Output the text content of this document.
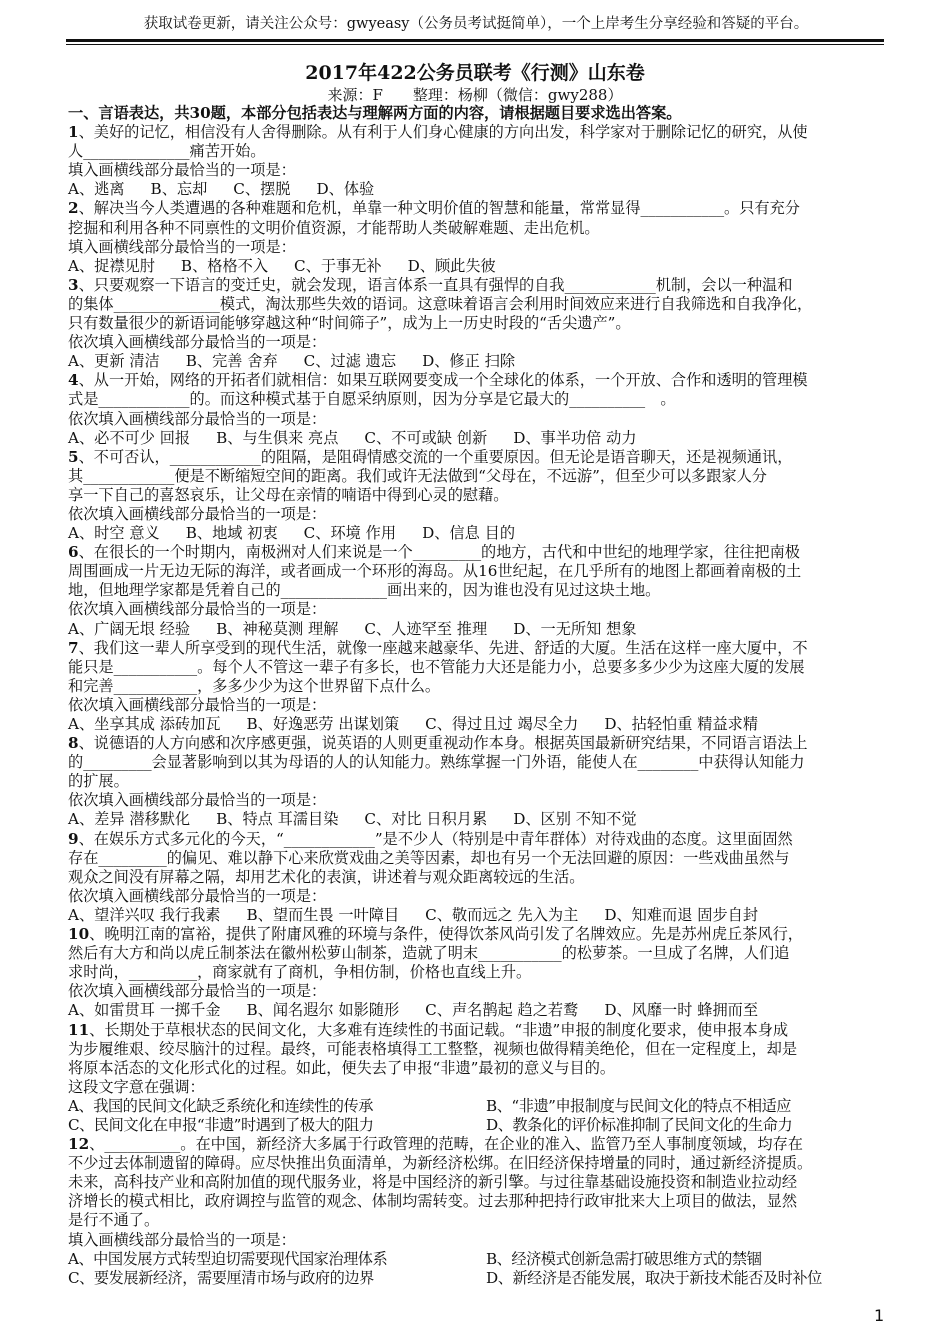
获取试卷更新，请关注公众号：gwyeasy（公务员考试挺简单），一个上岸考生分享经验和答疑的平台。
2017年422公务员联考《行测》山东卷
来源：F　　整理：杨柳（微信：gwy288）

一、言语表达，共30题，本部分包括表达与理解两方面的内容，请根据题目要求选出答案。

1、美好的记忆，相信没有人舍得删除。从有利于人们身心健康的方向出发，科学家对于删除记忆的研究，从使

人______________痛苦开始。

填入画横线部分最恰当的一项是：

A、逃离 B、忘却 C、摆脱 D、体验

2、解决当今人类遭遇的各种难题和危机，单靠一种文明价值的智慧和能量，常常显得___________。只有充分

挖掘和利用各种不同禀性的文明价值资源，才能帮助人类破解难题、走出危机。

填入画横线部分最恰当的一项是：

A、捉襟见肘 B、格格不入 C、于事无补 D、顾此失彼

3、只要观察一下语言的变迁史，就会发现，语言体系一直具有强悍的自我____________机制，会以一种温和

的集体______________模式，淘汰那些失效的语词。这意味着语言会利用时间效应来进行自我筛选和自我净化，

只有数量很少的新语词能够穿越这种“时间筛子”，成为上一历史时段的“舌尖遗产”。

依次填入画横线部分最恰当的一项是：

A、更新 清洁 B、完善 舍弃 C、过滤 遗忘 D、修正 扫除

4、从一开始，网络的开拓者们就相信：如果互联网要变成一个全球化的体系，一个开放、合作和透明的管理模

式是____________的。而这种模式基于自愿采纳原则，因为分享是它最大的__________　。

依次填入画横线部分最恰当的一项是：

A、必不可少 回报 B、与生俱来 亮点 C、不可或缺 创新 D、事半功倍 动力

5、不可否认，____________的阻隔，是阻碍情感交流的一个重要原因。但无论是语音聊天，还是视频通讯，

其____________便是不断缩短空间的距离。我们或许无法做到“父母在，不远游”，但至少可以多跟家人分

享一下自己的喜怒哀乐，让父母在亲情的喃语中得到心灵的慰藉。

依次填入画横线部分最恰当的一项是：

A、时空 意义 B、地域 初衷 C、环境 作用 D、信息 目的

6、在很长的一个时期内，南极洲对人们来说是一个_________的地方，古代和中世纪的地理学家，往往把南极

周围画成一片无边无际的海洋，或者画成一个环形的海岛。从16世纪起，在几乎所有的地图上都画着南极的土

地，但地理学家都是凭着自己的______________画出来的，因为谁也没有见过这块土地。

依次填入画横线部分最恰当的一项是：

A、广阔无垠 经验 B、神秘莫测 理解 C、人迹罕至 推理 D、一无所知 想象

7、我们这一辈人所享受到的现代生活，就像一座越来越豪华、先进、舒适的大厦。生活在这样一座大厦中，不

能只是___________。每个人不管这一辈子有多长，也不管能力大还是能力小，总要多多少少为这座大厦的发展

和完善___________，多多少少为这个世界留下点什么。

依次填入画横线部分最恰当的一项是：

A、坐享其成 添砖加瓦 B、好逸恶劳 出谋划策 C、得过且过 竭尽全力 D、拈轻怕重 精益求精

8、说德语的人方向感和次序感更强，说英语的人则更重视动作本身。根据英国最新研究结果，不同语言语法上

的_________会显著影响到以其为母语的人的认知能力。熟练掌握一门外语，能使人在________中获得认知能力

的扩展。

依次填入画横线部分最恰当的一项是：

A、差异 潜移默化 B、特点 耳濡目染 C、对比 日积月累 D、区别 不知不觉

9、在娱乐方式多元化的今天，“____________”是不少人（特别是中青年群体）对待戏曲的态度。这里面固然

存在_________的偏见、难以静下心来欣赏戏曲之美等因素，却也有另一个无法回避的原因：一些戏曲虽然与

观众之间没有屏幕之隔，却用艺术化的表演，讲述着与观众距离较远的生活。

依次填入画横线部分最恰当的一项是：

A、望洋兴叹 我行我素 B、望而生畏 一叶障目 C、敬而远之 先入为主 D、知难而退 固步自封

10、晚明江南的富裕，提供了附庸风雅的环境与条件，使得饮茶风尚引发了名牌效应。先是苏州虎丘茶风行，

然后有大方和尚以虎丘制茶法在徽州松萝山制茶，造就了明末___________的松萝茶。一旦成了名牌，人们追

求时尚，_________，商家就有了商机，争相仿制，价格也直线上升。

依次填入画横线部分最恰当的一项是：

A、如雷贯耳 一掷千金 B、闻名遐尔 如影随形 C、声名鹊起 趋之若鹜 D、风靡一时 蜂拥而至

11、长期处于草根状态的民间文化，大多难有连续性的书面记载。“非遗”申报的制度化要求，使申报本身成

为步履维艰、绞尽脑汁的过程。最终，可能表格填得工工整整，视频也做得精美绝伦，但在一定程度上，却是

将原本活态的文化形式化的过程。如此，便失去了申报“非遗”最初的意义与目的。

这段文字意在强调：

A、我国的民间文化缺乏系统化和连续性的传承	B、“非遗”申报制度与民间文化的特点不相适应

C、民间文化在申报“非遗”时遇到了极大的阻力	D、教条化的评价标准抑制了民间文化的生命力

12、__________。在中国，新经济大多属于行政管理的范畴，在企业的准入、监管乃至人事制度领域，均存在

不少过去体制遗留的障碍。应尽快推出负面清单，为新经济松绑。在旧经济保持增量的同时，通过新经济提质。

未来，高科技产业和高附加值的现代服务业，将是中国经济的新引擎。与过往靠基础设施投资和制造业拉动经

济增长的模式相比，政府调控与监管的观念、体制均需转变。过去那种把持行政审批来大上项目的做法，显然

是行不通了。

填入画横线部分最恰当的一项是：

A、中国发展方式转型迫切需要现代国家治理体系	B、经济模式创新急需打破思维方式的禁锢

C、要发展新经济，需要厘清市场与政府的边界	D、新经济是否能发展，取决于新技术能否及时补位

1
